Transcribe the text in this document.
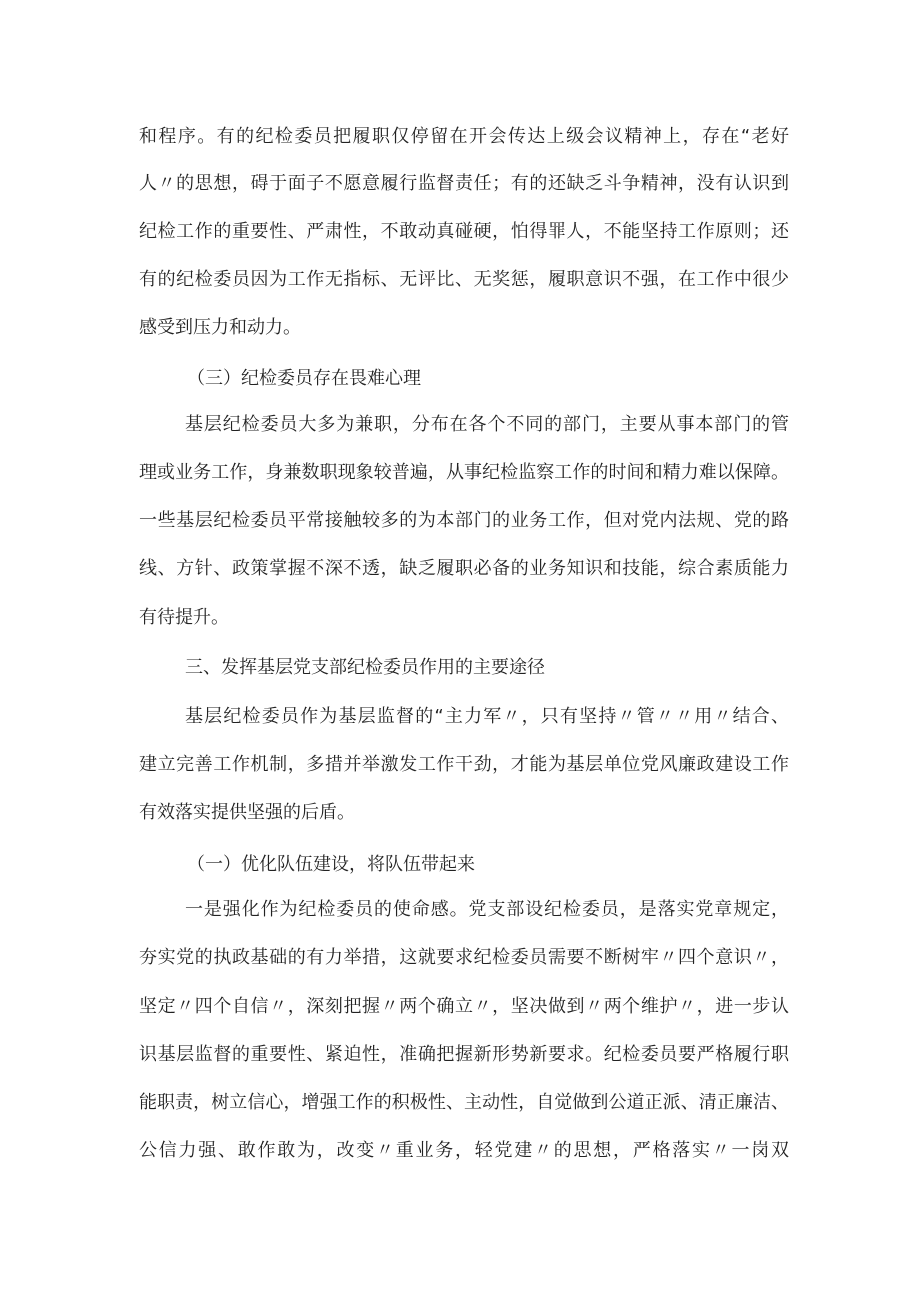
和程序。有的纪检委员把履职仅停留在开会传达上级会议精神上，存在“老好
人〃的思想，碍于面子不愿意履行监督责任；有的还缺乏斗争精神，没有认识到
纪检工作的重要性、严肃性，不敢动真碰硬，怕得罪人，不能坚持工作原则；还
有的纪检委员因为工作无指标、无评比、无奖惩，履职意识不强，在工作中很少
感受到压力和动力。
（三）纪检委员存在畏难心理
基层纪检委员大多为兼职，分布在各个不同的部门，主要从事本部门的管
理或业务工作，身兼数职现象较普遍，从事纪检监察工作的时间和精力难以保障。
一些基层纪检委员平常接触较多的为本部门的业务工作，但对党内法规、党的路
线、方针、政策掌握不深不透，缺乏履职必备的业务知识和技能，综合素质能力
有待提升。
三、发挥基层党支部纪检委员作用的主要途径
基层纪检委员作为基层监督的“主力军〃，只有坚持〃管〃〃用〃结合、
建立完善工作机制，多措并举激发工作干劲，才能为基层单位党风廉政建设工作
有效落实提供坚强的后盾。
（一）优化队伍建设，将队伍带起来
一是强化作为纪检委员的使命感。党支部设纪检委员，是落实党章规定，
夯实党的执政基础的有力举措，这就要求纪检委员需要不断树牢〃四个意识〃，
坚定〃四个自信〃，深刻把握〃两个确立〃，坚决做到〃两个维护〃，进一步认
识基层监督的重要性、紧迫性，准确把握新形势新要求。纪检委员要严格履行职
能职责，树立信心，增强工作的积极性、主动性，自觉做到公道正派、清正廉洁、
公信力强、敢作敢为，改变〃重业务，轻党建〃的思想，严格落实〃一岗双
